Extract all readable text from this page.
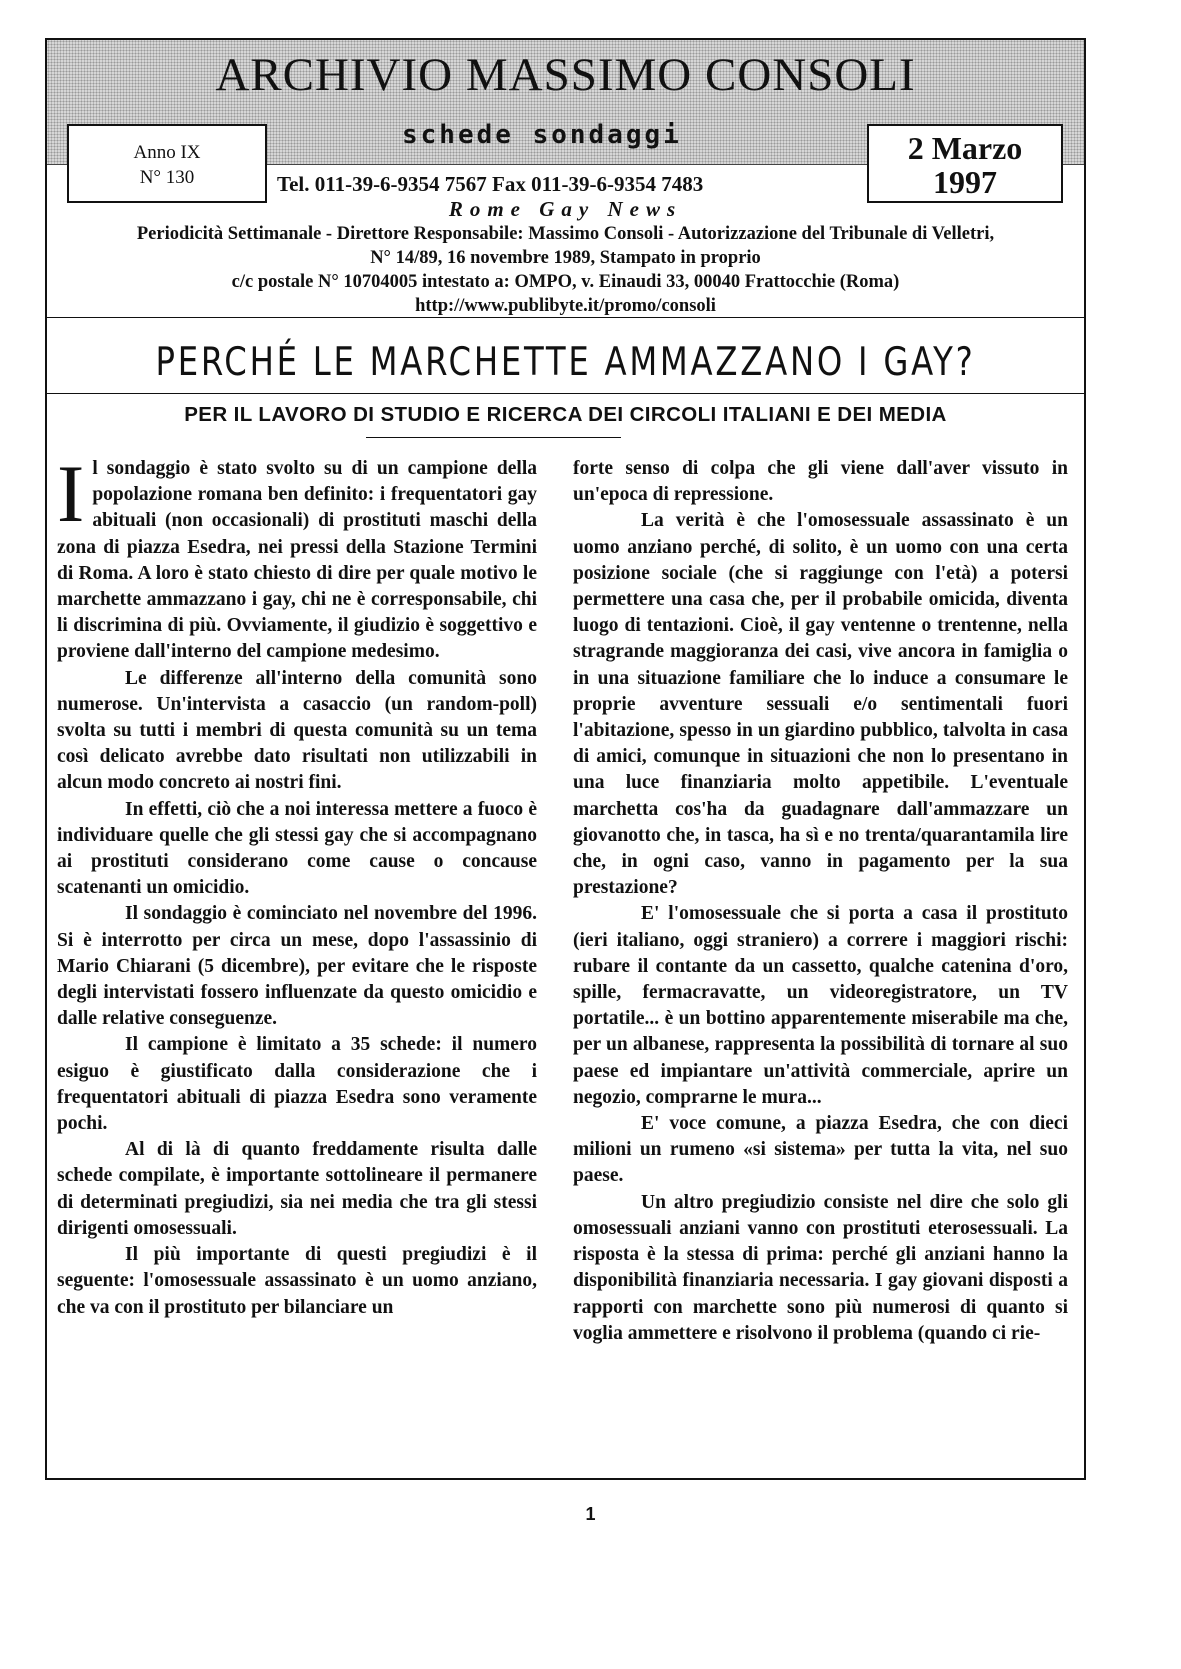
ARCHIVIO MASSIMO CONSOLI
schede sondaggi
Anno IX
N° 130
2 Marzo
1997
Tel. 011-39-6-9354 7567 Fax 011-39-6-9354 7483
Rome Gay News
Periodicità Settimanale - Direttore Responsabile: Massimo Consoli - Autorizzazione del Tribunale di Velletri,
N° 14/89, 16 novembre 1989, Stampato in proprio
c/c postale N° 10704005 intestato a: OMPO, v. Einaudi 33, 00040 Frattocchie (Roma)
http://www.publibyte.it/promo/consoli
PERCHÉ LE MARCHETTE AMMAZZANO I GAY?
PER IL LAVORO DI STUDIO E RICERCA DEI CIRCOLI ITALIANI E DEI MEDIA

Il sondaggio è stato svolto su di un campione della popolazione romana ben definito: i frequentatori gay abituali (non occasionali) di prostituti maschi della zona di piazza Esedra, nei pressi della Stazione Termini di Roma. A loro è stato chiesto di dire per quale motivo le marchette ammazzano i gay, chi ne è corresponsabile, chi li discrimina di più. Ovviamente, il giudizio è soggettivo e proviene dall'interno del campione medesimo.

Le differenze all'interno della comunità sono numerose. Un'intervista a casaccio (un random-poll) svolta su tutti i membri di questa comunità su un tema così delicato avrebbe dato risultati non utilizzabili in alcun modo concreto ai nostri fini.

In effetti, ciò che a noi interessa mettere a fuoco è individuare quelle che gli stessi gay che si accompagnano ai prostituti considerano come cause o concause scatenanti un omicidio.

Il sondaggio è cominciato nel novembre del 1996. Si è interrotto per circa un mese, dopo l'assassinio di Mario Chiarani (5 dicembre), per evitare che le risposte degli intervistati fossero influenzate da questo omicidio e dalle relative conseguenze.

Il campione è limitato a 35 schede: il numero esiguo è giustificato dalla considerazione che i frequentatori abituali di piazza Esedra sono veramente pochi.

Al di là di quanto freddamente risulta dalle schede compilate, è importante sottolineare il permanere di determinati pregiudizi, sia nei media che tra gli stessi dirigenti omosessuali.

Il più importante di questi pregiudizi è il seguente: l'omosessuale assassinato è un uomo anziano, che va con il prostituto per bilanciare un

forte senso di colpa che gli viene dall'aver vissuto in un'epoca di repressione.

La verità è che l'omosessuale assassinato è un uomo anziano perché, di solito, è un uomo con una certa posizione sociale (che si raggiunge con l'età) a potersi permettere una casa che, per il probabile omicida, diventa luogo di tentazioni. Cioè, il gay ventenne o trentenne, nella stragrande maggioranza dei casi, vive ancora in famiglia o in una situazione familiare che lo induce a consumare le proprie avventure sessuali e/o sentimentali fuori l'abitazione, spesso in un giardino pubblico, talvolta in casa di amici, comunque in situazioni che non lo presentano in una luce finanziaria molto appetibile. L'eventuale marchetta cos'ha da guadagnare dall'ammazzare un giovanotto che, in tasca, ha sì e no trenta/quarantamila lire che, in ogni caso, vanno in pagamento per la sua prestazione?

E' l'omosessuale che si porta a casa il prostituto (ieri italiano, oggi straniero) a correre i maggiori rischi: rubare il contante da un cassetto, qualche catenina d'oro, spille, fermacravatte, un videoregistratore, un TV portatile... è un bottino apparentemente miserabile ma che, per un albanese, rappresenta la possibilità di tornare al suo paese ed impiantare un'attività commerciale, aprire un negozio, comprarne le mura...

E' voce comune, a piazza Esedra, che con dieci milioni un rumeno «si sistema» per tutta la vita, nel suo paese.

Un altro pregiudizio consiste nel dire che solo gli omosessuali anziani vanno con prostituti eterosessuali. La risposta è la stessa di prima: perché gli anziani hanno la disponibilità finanziaria necessaria. I gay giovani disposti a rapporti con marchette sono più numerosi di quanto si voglia ammettere e risolvono il problema (quando ci rie-

1
